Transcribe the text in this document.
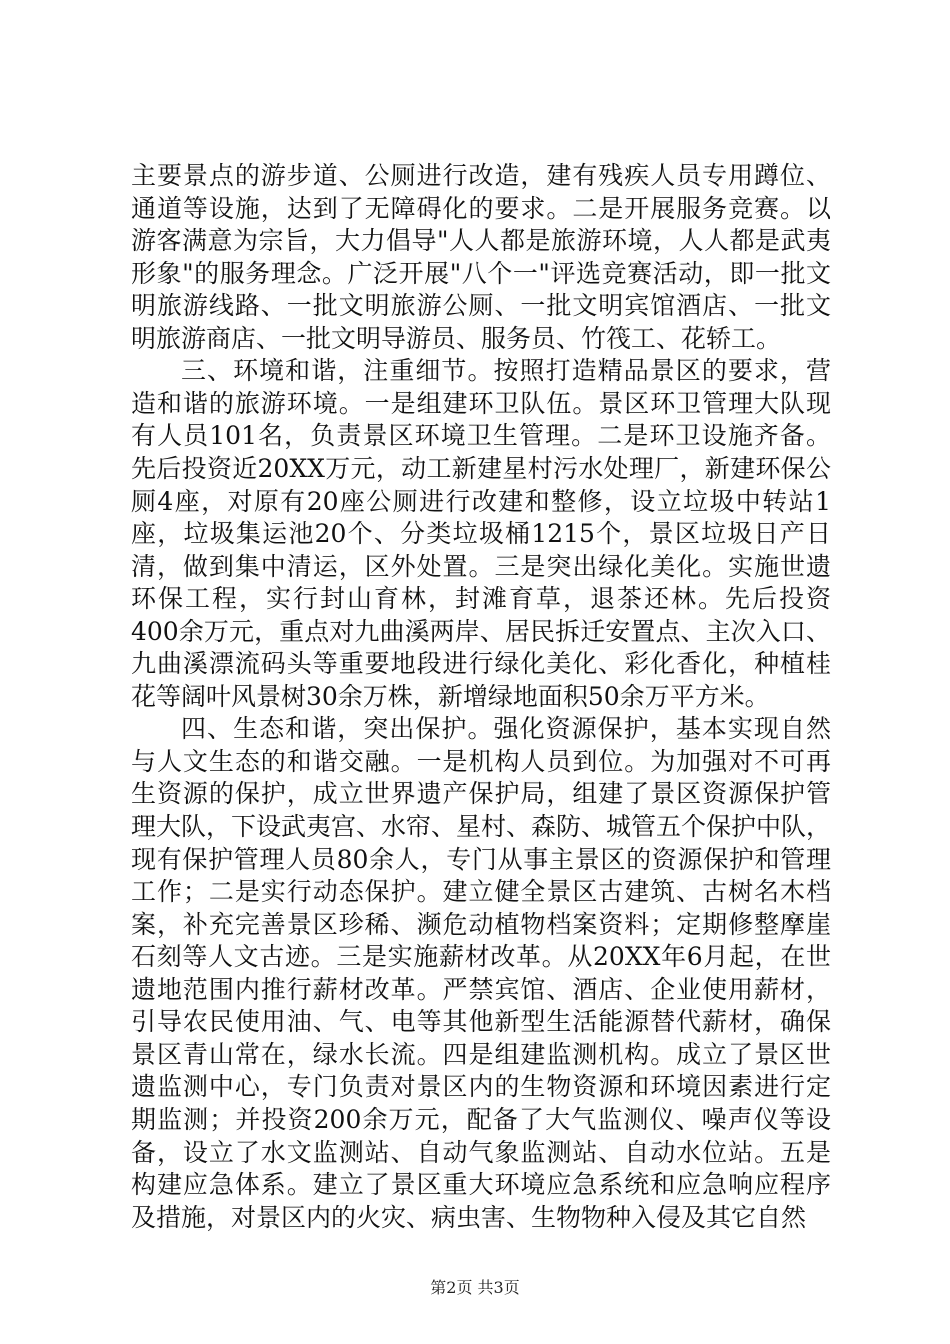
主要景点的游步道、公厕进行改造，建有残疾人员专用蹲位、
通道等设施，达到了无障碍化的要求。二是开展服务竞赛。以
游客满意为宗旨，大力倡导"人人都是旅游环境，人人都是武夷
形象"的服务理念。广泛开展"八个一"评选竞赛活动，即一批文
明旅游线路、一批文明旅游公厕、一批文明宾馆酒店、一批文
明旅游商店、一批文明导游员、服务员、竹筏工、花轿工。
三、环境和谐，注重细节。按照打造精品景区的要求，营
造和谐的旅游环境。一是组建环卫队伍。景区环卫管理大队现
有人员101名，负责景区环境卫生管理。二是环卫设施齐备。
先后投资近20XX万元，动工新建星村污水处理厂，新建环保公
厕4座，对原有20座公厕进行改建和整修，设立垃圾中转站1
座，垃圾集运池20个、分类垃圾桶1215个，景区垃圾日产日
清，做到集中清运，区外处置。三是突出绿化美化。实施世遗
环保工程，实行封山育林，封滩育草，退茶还林。先后投资
400余万元，重点对九曲溪两岸、居民拆迁安置点、主次入口、
九曲溪漂流码头等重要地段进行绿化美化、彩化香化，种植桂
花等阔叶风景树30余万株，新增绿地面积50余万平方米。
四、生态和谐，突出保护。强化资源保护，基本实现自然
与人文生态的和谐交融。一是机构人员到位。为加强对不可再
生资源的保护，成立世界遗产保护局，组建了景区资源保护管
理大队，下设武夷宫、水帘、星村、森防、城管五个保护中队，
现有保护管理人员80余人，专门从事主景区的资源保护和管理
工作；二是实行动态保护。建立健全景区古建筑、古树名木档
案，补充完善景区珍稀、濒危动植物档案资料；定期修整摩崖
石刻等人文古迹。三是实施薪材改革。从20XX年6月起，在世
遗地范围内推行薪材改革。严禁宾馆、酒店、企业使用薪材，
引导农民使用油、气、电等其他新型生活能源替代薪材，确保
景区青山常在，绿水长流。四是组建监测机构。成立了景区世
遗监测中心，专门负责对景区内的生物资源和环境因素进行定
期监测；并投资200余万元，配备了大气监测仪、噪声仪等设
备，设立了水文监测站、自动气象监测站、自动水位站。五是
构建应急体系。建立了景区重大环境应急系统和应急响应程序
及措施，对景区内的火灾、病虫害、生物物种入侵及其它自然
第2页 共3页
